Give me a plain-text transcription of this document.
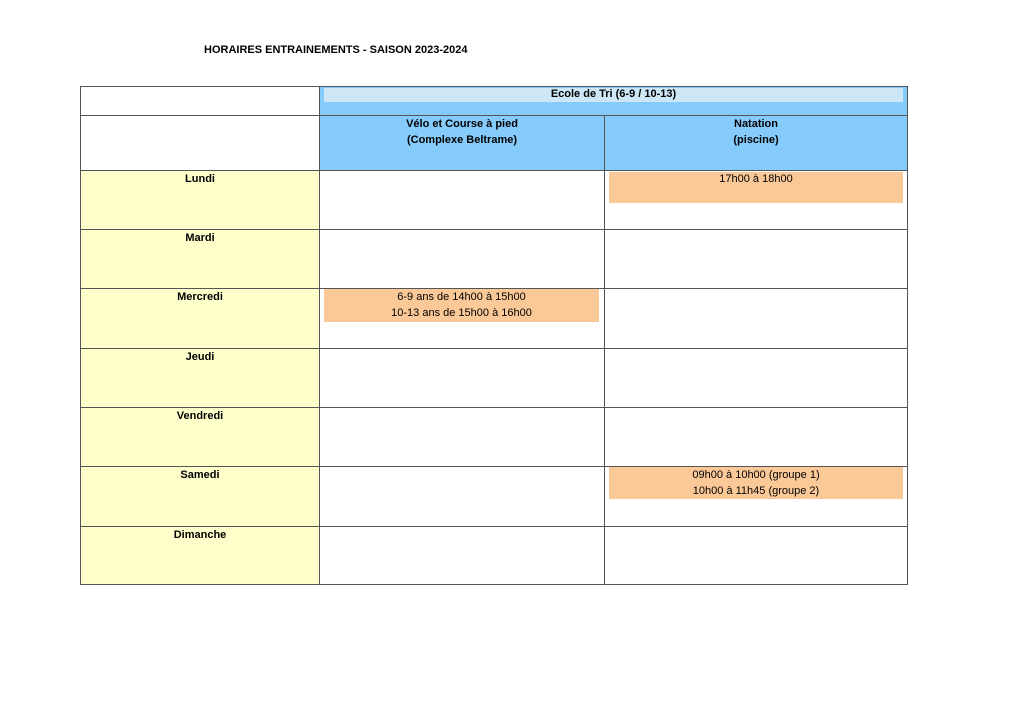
HORAIRES ENTRAINEMENTS - SAISON 2023-2024
Ecole de Tri (6-9 / 10-13)
Vélo et Course à pied
(Complexe Beltrame)
Natation
(piscine)
Lundi
Mardi
Mercredi
Jeudi
Vendredi
Samedi
Dimanche
17h00 à 18h00
6-9 ans de 14h00 à 15h00
10-13 ans de 15h00 à 16h00
09h00 à 10h00 (groupe 1)
10h00 à 11h45 (groupe 2)
